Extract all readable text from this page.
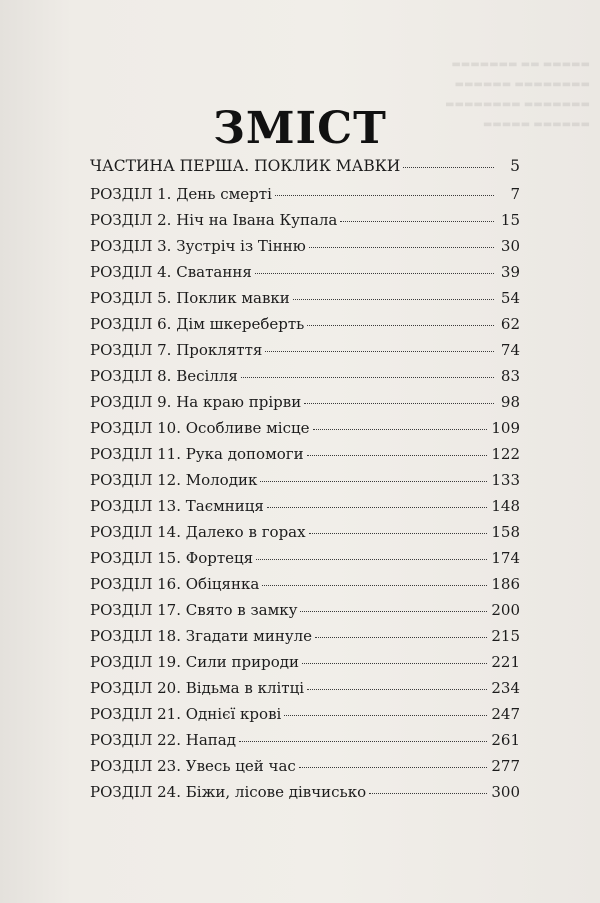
▬▬▬▬▬ ▬▬ ▬▬▬▬▬▬▬
▬▬▬▬▬▬▬▬ ▬▬▬▬▬▬
▬▬▬▬▬▬▬ ▬▬▬▬▬▬▬▬
▬▬▬▬▬▬ ▬▬▬▬▬
ЗМІСТ
ЧАСТИНА ПЕРША. ПОКЛИК МАВКИ	5
РОЗДІЛ 1. День смерті	7
РОЗДІЛ 2. Ніч на Івана Купала	15
РОЗДІЛ 3. Зустріч із Тінню	30
РОЗДІЛ 4. Сватання	39
РОЗДІЛ 5. Поклик мавки	54
РОЗДІЛ 6. Дім шкереберть	62
РОЗДІЛ 7. Прокляття	74
РОЗДІЛ 8. Весілля	83
РОЗДІЛ 9. На краю прірви	98
РОЗДІЛ 10. Особливе місце	109
РОЗДІЛ 11. Рука допомоги	122
РОЗДІЛ 12. Молодик	133
РОЗДІЛ 13. Таємниця	148
РОЗДІЛ 14. Далеко в горах	158
РОЗДІЛ 15. Фортеця	174
РОЗДІЛ 16. Обіцянка	186
РОЗДІЛ 17. Свято в замку	200
РОЗДІЛ 18. Згадати минуле	215
РОЗДІЛ 19. Сили природи	221
РОЗДІЛ 20. Відьма в клітці	234
РОЗДІЛ 21. Однієї крові	247
РОЗДІЛ 22. Напад	261
РОЗДІЛ 23. Увесь цей час	277
РОЗДІЛ 24. Біжи, лісове дівчисько	300
